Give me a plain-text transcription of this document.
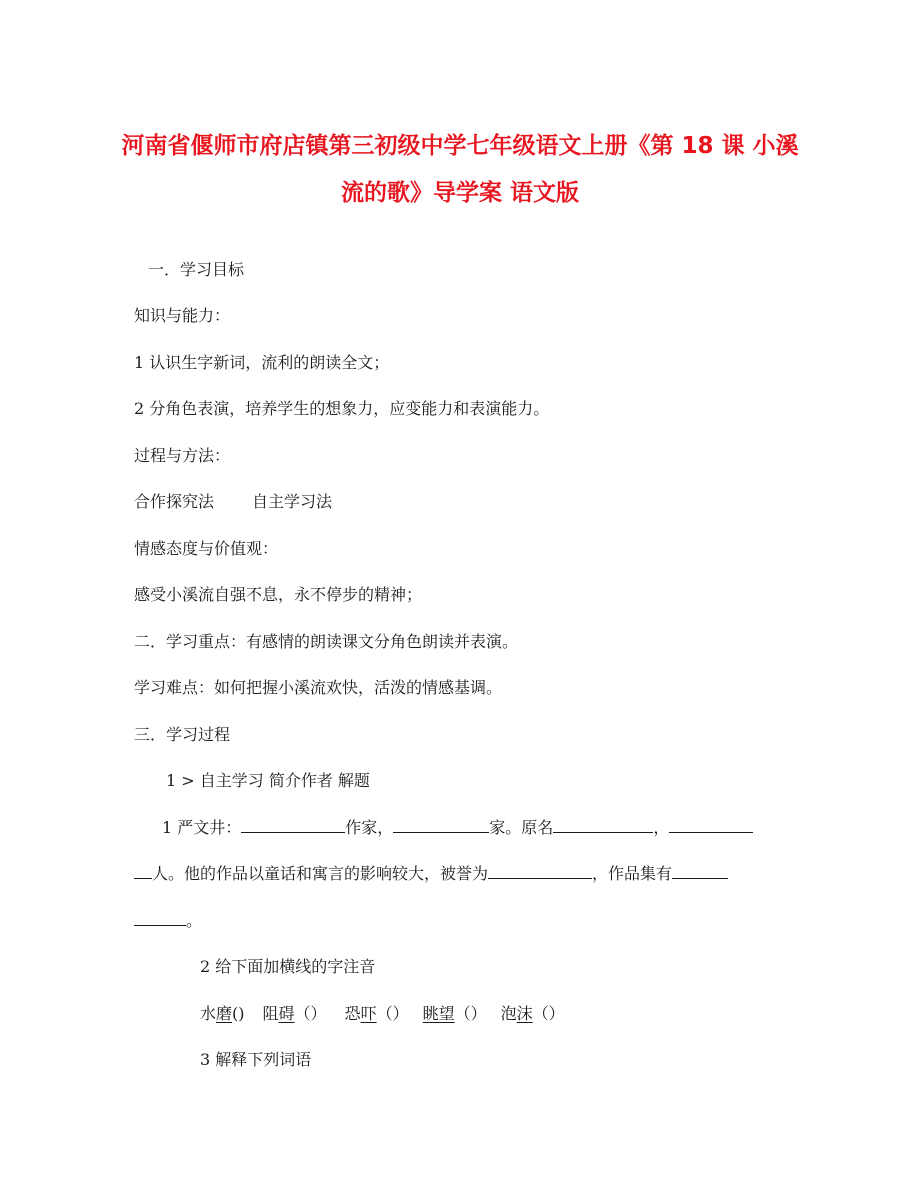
河南省偃师市府店镇第三初级中学七年级语文上册《第 18 课 小溪
流的歌》导学案 语文版
一．学习目标
知识与能力：
1 认识生字新词，流利的朗读全文；
2 分角色表演，培养学生的想象力，应变能力和表演能力。
过程与方法：
合作探究法 自主学习法
情感态度与价值观：
感受小溪流自强不息，永不停步的精神；
二．学习重点：有感情的朗读课文分角色朗读并表演。
学习难点：如何把握小溪流欢快，活泼的情感基调。
三．学习过程
1 > 自主学习 简介作者 解题
1 严文井：	作家，	家。原名	，
人。他的作品以童话和寓言的影响较大，被誉为	，作品集有
。
2 给下面加横线的字注音
水磨() 阻碍（） 恐吓（） 眺望（） 泡沫（）
3 解释下列词语
